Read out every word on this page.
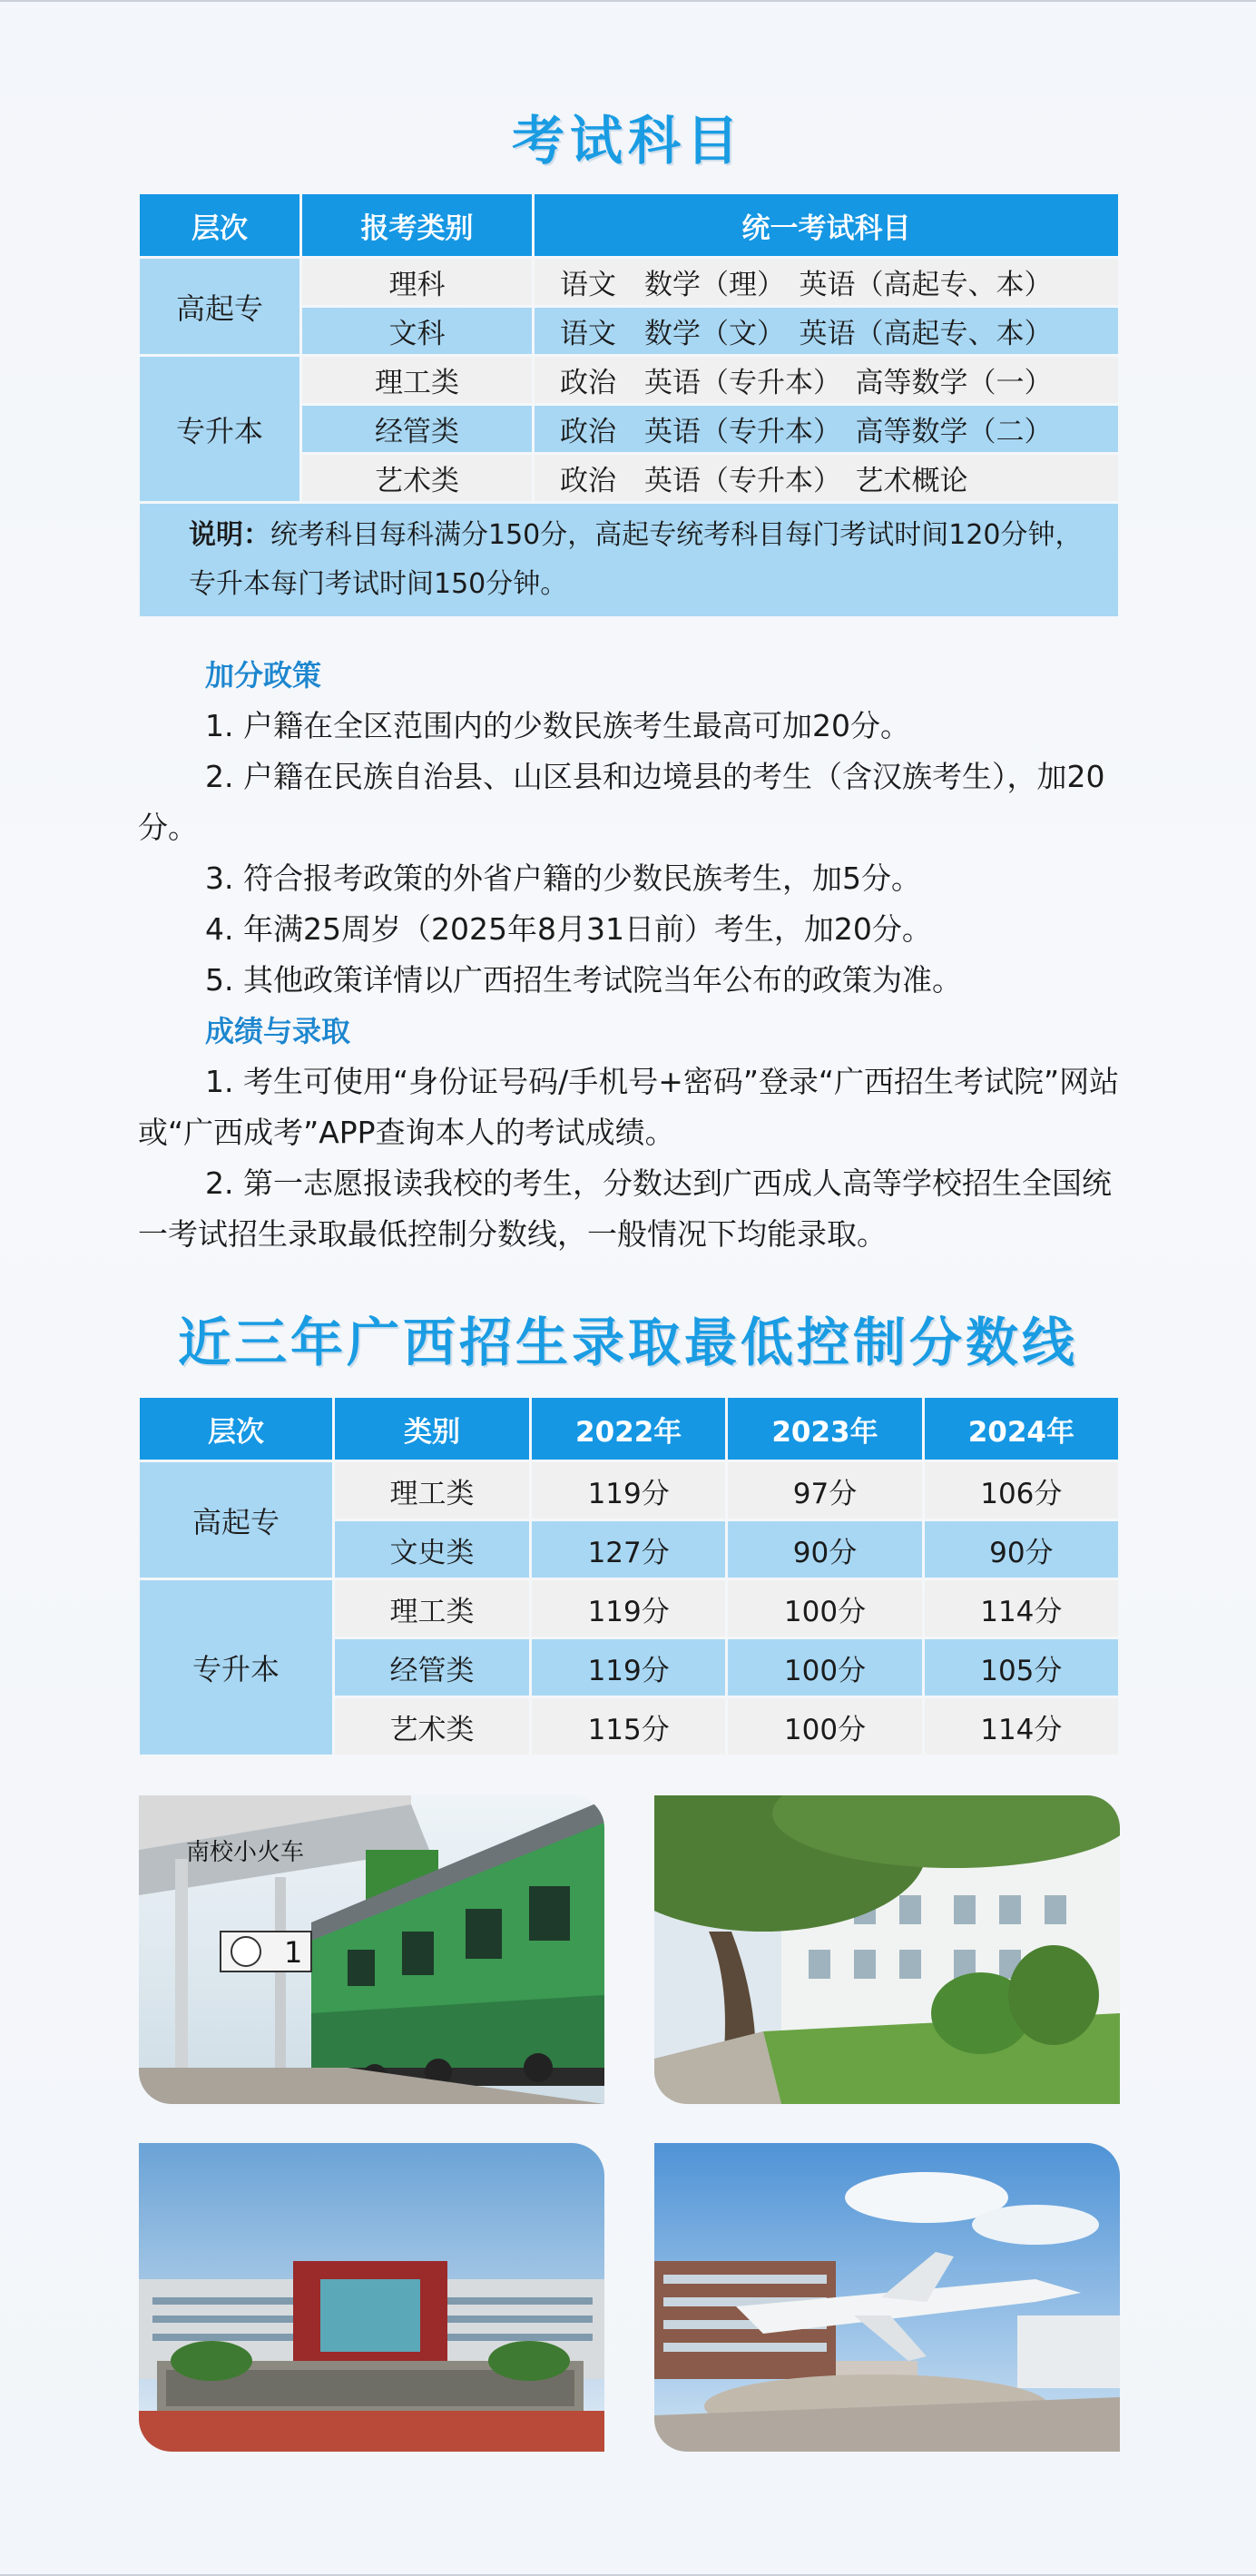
考试科目
层次	报考类别	统一考试科目
高起专	理科	语文　数学（理）　英语（高起专、本）
	文科	语文　数学（文）　英语（高起专、本）
专升本	理工类	政治　英语（专升本）　高等数学（一）
	经管类	政治　英语（专升本）　高等数学（二）
	艺术类	政治　英语（专升本）　艺术概论
说明：统考科目每科满分150分，高起专统考科目每门考试时间120分钟，专升本每门考试时间150分钟。		
加分政策
1. 户籍在全区范围内的少数民族考生最高可加20分。
2. 户籍在民族自治县、山区县和边境县的考生（含汉族考生），加20分。
3. 符合报考政策的外省户籍的少数民族考生，加5分。
4. 年满25周岁（2025年8月31日前）考生，加20分。
5. 其他政策详情以广西招生考试院当年公布的政策为准。
成绩与录取
1. 考生可使用“身份证号码/手机号+密码”登录“广西招生考试院”网站或“广西成考”APP查询本人的考试成绩。
2. 第一志愿报读我校的考生，分数达到广西成人高等学校招生全国统一考试招生录取最低控制分数线，一般情况下均能录取。
近三年广西招生录取最低控制分数线
层次	类别	2022年	2023年	2024年
高起专	理工类	119分	97分	106分
	文史类	127分	90分	90分
专升本	理工类	119分	100分	114分
	经管类	119分	100分	105分
	艺术类	115分	100分	114分
1
南校小火车
